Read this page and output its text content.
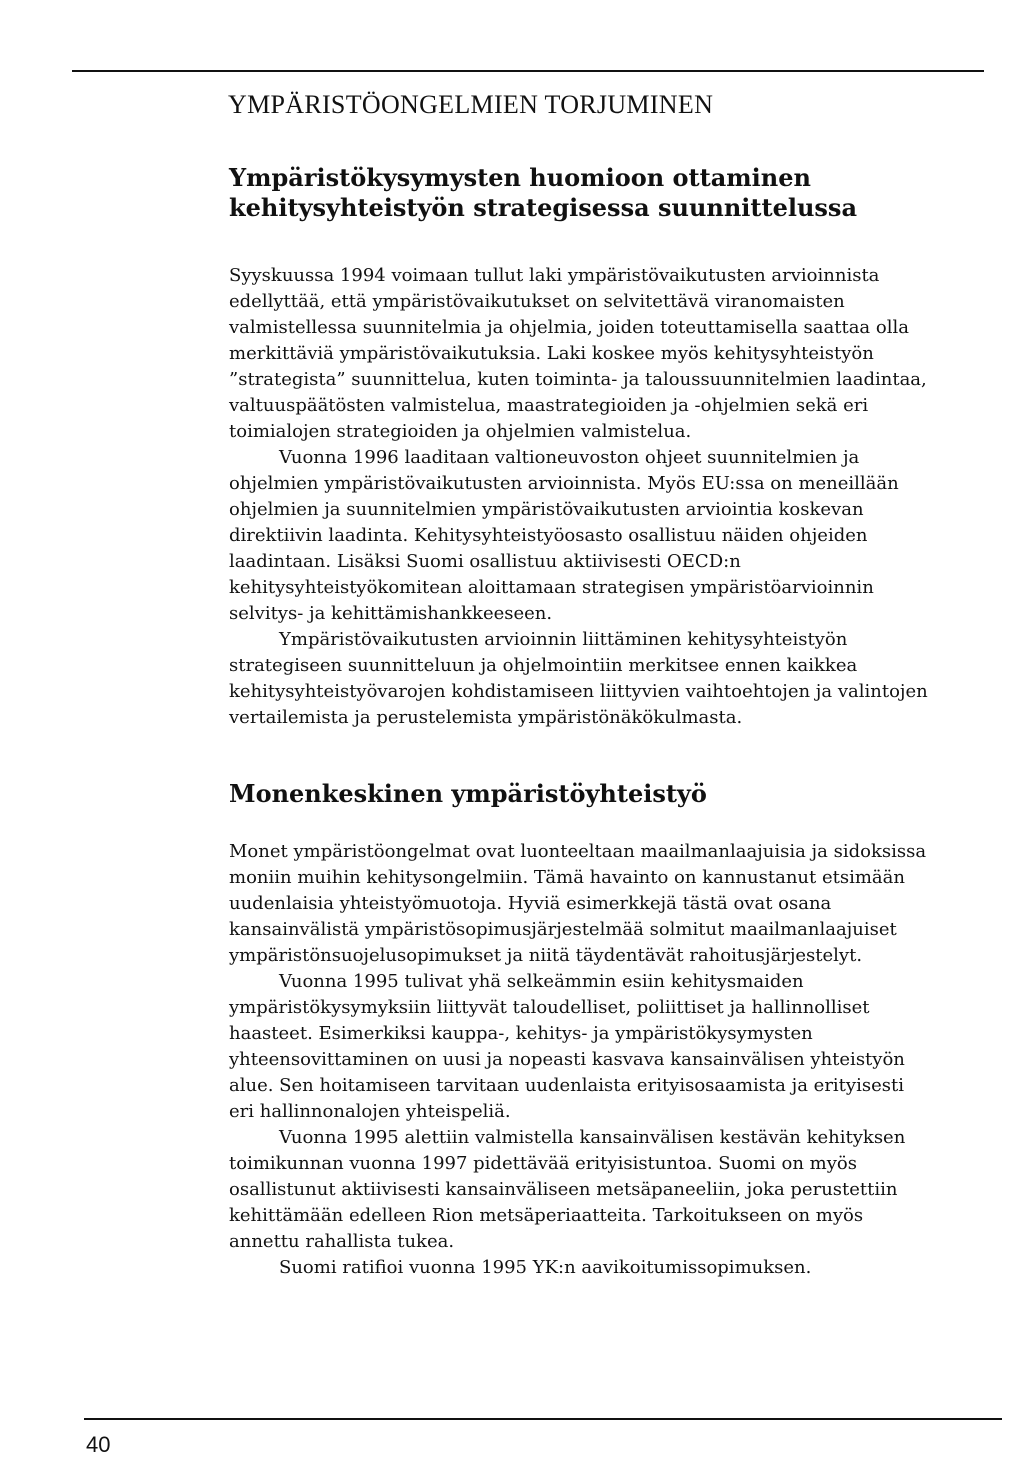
YMPÄRISTÖONGELMIEN TORJUMINEN
Ympäristökysymysten huomioon ottaminen
kehitysyhteistyön strategisessa suunnittelussa

Syyskuussa 1994 voimaan tullut laki ympäristövaikutusten arvioinnista edellyttää, että ympäristövaikutukset on selvitettävä viranomaisten valmistellessa suunnitelmia ja ohjelmia, joiden toteuttamisella saattaa olla merkittäviä ympäristövaikutuksia. Laki koskee myös kehitysyhteistyön ”strategista” suunnittelua, kuten toiminta- ja taloussuunnitelmien laadintaa, valtuuspäätösten valmistelua, maastrategioiden ja -ohjelmien sekä eri toimialojen strategioiden ja ohjelmien valmistelua.

Vuonna 1996 laaditaan valtioneuvoston ohjeet suunnitelmien ja ohjelmien ympäristövaikutusten arvioinnista. Myös EU:ssa on meneillään ohjelmien ja suunnitelmien ympäristövaikutusten arviointia koskevan direktiivin laadinta. Kehitysyhteistyöosasto osallistuu näiden ohjeiden laadintaan. Lisäksi Suomi osallistuu aktiivisesti OECD:n kehitysyhteistyökomitean aloittamaan strategisen ympäristöarvioinnin selvitys- ja kehittämishankkeeseen.

Ympäristövaikutusten arvioinnin liittäminen kehitysyhteistyön strategiseen suunnitteluun ja ohjelmointiin merkitsee ennen kaikkea kehitysyhteistyövarojen kohdistamiseen liittyvien vaihtoehtojen ja valintojen vertailemista ja perustelemista ympäristönäkökulmasta.

Monenkeskinen ympäristöyhteistyö

Monet ympäristöongelmat ovat luonteeltaan maailmanlaajuisia ja sidoksissa moniin muihin kehitysongelmiin. Tämä havainto on kannustanut etsimään uudenlaisia yhteistyömuotoja. Hyviä esimerkkejä tästä ovat osana kansainvälistä ympäristösopimusjärjestelmää solmitut maailmanlaajuiset ympäristönsuojelusopimukset ja niitä täydentävät rahoitusjärjestelyt.

Vuonna 1995 tulivat yhä selkeämmin esiin kehitysmaiden ympäristökysymyksiin liittyvät taloudelliset, poliittiset ja hallinnolliset haasteet. Esimerkiksi kauppa-, kehitys- ja ympäristökysymysten yhteensovittaminen on uusi ja nopeasti kasvava kansainvälisen yhteistyön alue. Sen hoitamiseen tarvitaan uudenlaista erityisosaamista ja erityisesti eri hallinnonalojen yhteispeliä.

Vuonna 1995 alettiin valmistella kansainvälisen kestävän kehityksen toimikunnan vuonna 1997 pidettävää erityisistuntoa. Suomi on myös osallistunut aktiivisesti kansainväliseen metsäpaneeliin, joka perustettiin kehittämään edelleen Rion metsäperiaatteita. Tarkoitukseen on myös annettu rahallista tukea.

Suomi ratifioi vuonna 1995 YK:n aavikoitumissopimuksen.

40
